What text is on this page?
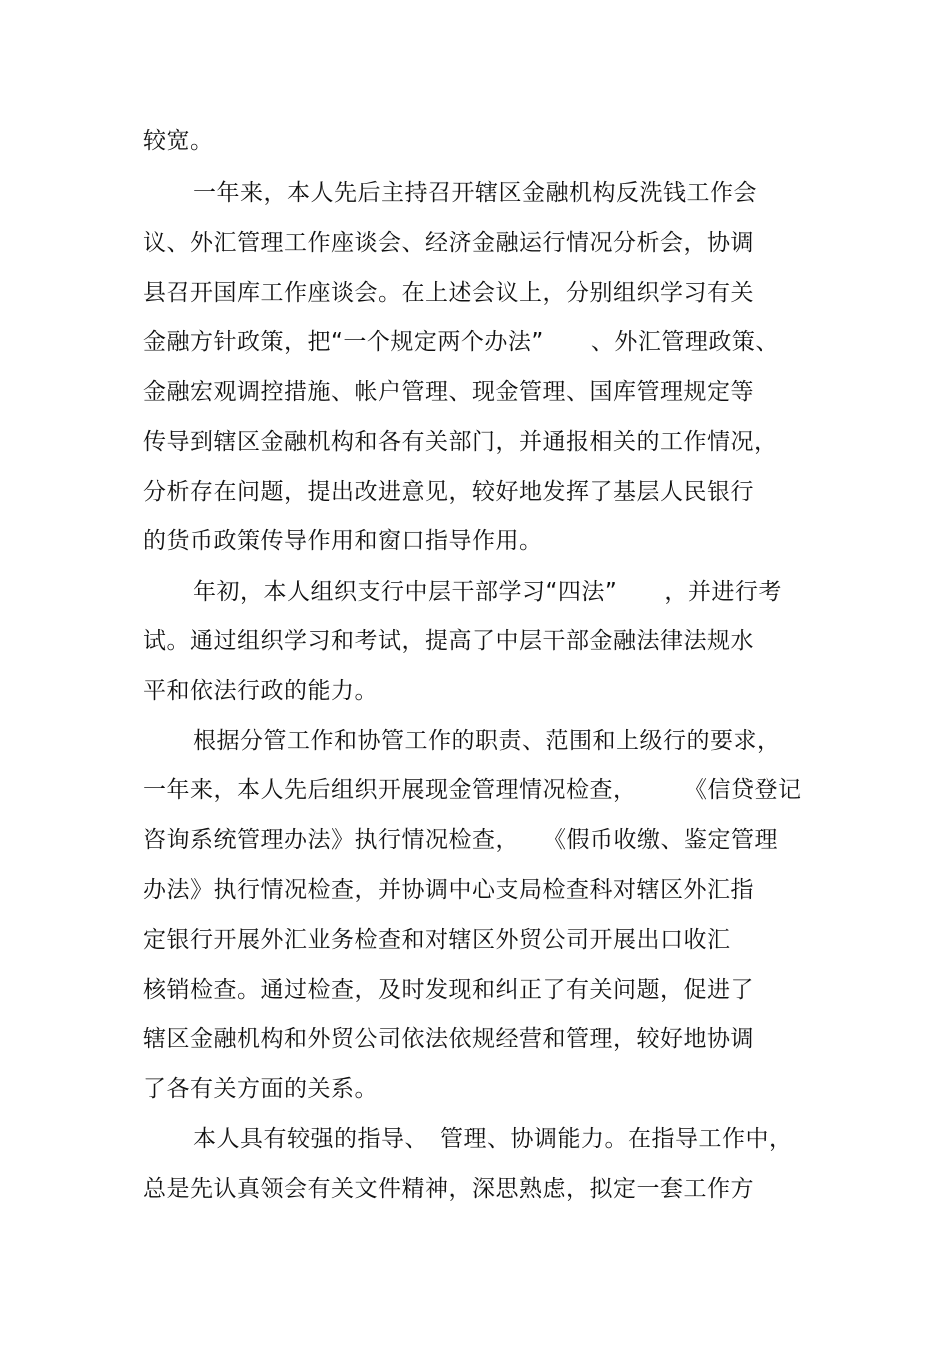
较宽。
一年来，本人先后主持召开辖区金融机构反洗钱工作会
议、外汇管理工作座谈会、经济金融运行情况分析会，协调
县召开国库工作座谈会。在上述会议上，分别组织学习有关
金融方针政策，把“一个规定两个办法”　　、外汇管理政策、
金融宏观调控措施、帐户管理、现金管理、国库管理规定等
传导到辖区金融机构和各有关部门，并通报相关的工作情况，
分析存在问题，提出改进意见，较好地发挥了基层人民银行
的货币政策传导作用和窗口指导作用。
年初，本人组织支行中层干部学习“四法”　　，并进行考
试。通过组织学习和考试，提高了中层干部金融法律法规水
平和依法行政的能力。
根据分管工作和协管工作的职责、范围和上级行的要求，
一年来，本人先后组织开展现金管理情况检查，　　　《信贷登记
咨询系统管理办法》执行情况检查，　　《假币收缴、鉴定管理
办法》执行情况检查，并协调中心支局检查科对辖区外汇指
定银行开展外汇业务检查和对辖区外贸公司开展出口收汇
核销检查。通过检查，及时发现和纠正了有关问题，促进了
辖区金融机构和外贸公司依法依规经营和管理，较好地协调
了各有关方面的关系。
本人具有较强的指导、　管理、协调能力。在指导工作中，
总是先认真领会有关文件精神，深思熟虑，拟定一套工作方
